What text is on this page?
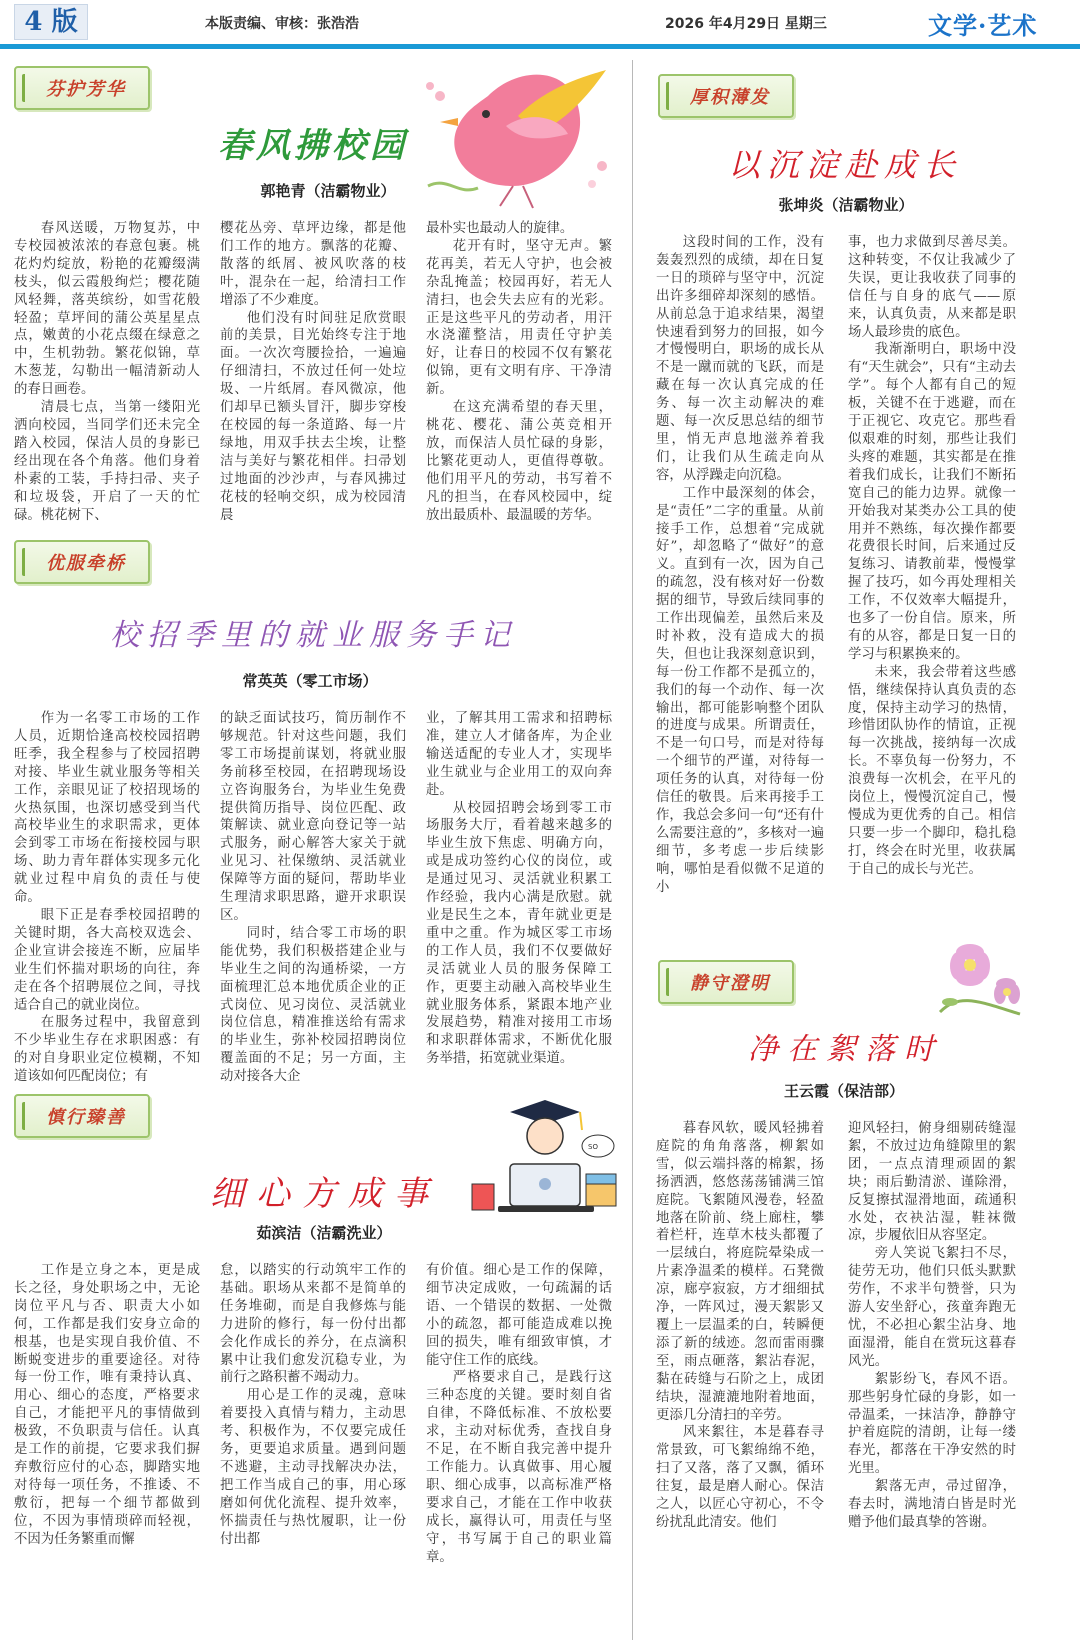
4 版	本版责编、审核：张浩浩	2026 年4月29日 星期三	文学·艺术
芬护芳华
春风拂校园
郭艳青（洁霸物业）

春风送暖，万物复苏，中专校园被浓浓的春意包裹。桃花灼灼绽放，粉艳的花瓣缀满枝头，似云霞般绚烂；樱花随风轻舞，落英缤纷，如雪花般轻盈；草坪间的蒲公英星星点点，嫩黄的小花点缀在绿意之中，生机勃勃。繁花似锦，草木葱茏，勾勒出一幅清新动人的春日画卷。

清晨七点，当第一缕阳光洒向校园，当同学们还未完全踏入校园，保洁人员的身影已经出现在各个角落。他们身着朴素的工装，手持扫帚、夹子和垃圾袋，开启了一天的忙碌。桃花树下、

樱花丛旁、草坪边缘，都是他们工作的地方。飘落的花瓣、散落的纸屑、被风吹落的枝叶，混杂在一起，给清扫工作增添了不少难度。

他们没有时间驻足欣赏眼前的美景，目光始终专注于地面。一次次弯腰捡拾，一遍遍仔细清扫，不放过任何一处垃圾、一片纸屑。春风微凉，他们却早已额头冒汗，脚步穿梭在校园的每一条道路、每一片绿地，用双手扶去尘埃，让整洁与美好与繁花相伴。扫帚划过地面的沙沙声，与春风拂过花枝的轻响交织，成为校园清晨

最朴实也最动人的旋律。

花开有时，坚守无声。繁花再美，若无人守护，也会被杂乱掩盖；校园再好，若无人清扫，也会失去应有的光彩。正是这些平凡的劳动者，用汗水浇灌整洁，用责任守护美好，让春日的校园不仅有繁花似锦，更有文明有序、干净清新。

在这充满希望的春天里，桃花、樱花、蒲公英竞相开放，而保洁人员忙碌的身影，比繁花更动人，更值得尊敬。他们用平凡的劳动，书写着不凡的担当，在春风校园中，绽放出最质朴、最温暖的芳华。

优服牵桥
校招季里的就业服务手记
常英英（零工市场）

作为一名零工市场的工作人员，近期恰逢高校校园招聘旺季，我全程参与了校园招聘对接、毕业生就业服务等相关工作，亲眼见证了校招现场的火热氛围，也深切感受到当代高校毕业生的求职需求，更体会到零工市场在衔接校园与职场、助力青年群体实现多元化就业过程中肩负的责任与使命。

眼下正是春季校园招聘的关键时期，各大高校双选会、企业宣讲会接连不断，应届毕业生们怀揣对职场的向往，奔走在各个招聘展位之间，寻找适合自己的就业岗位。

在服务过程中，我留意到不少毕业生存在求职困惑：有的对自身职业定位模糊，不知道该如何匹配岗位；有

的缺乏面试技巧，简历制作不够规范。针对这些问题，我们零工市场提前谋划，将就业服务前移至校园，在招聘现场设立咨询服务台，为毕业生免费提供简历指导、岗位匹配、政策解读、就业意向登记等一站式服务，耐心解答大家关于就业见习、社保缴纳、灵活就业保障等方面的疑问，帮助毕业生理清求职思路，避开求职误区。

同时，结合零工市场的职能优势，我们积极搭建企业与毕业生之间的沟通桥梁，一方面梳理汇总本地优质企业的正式岗位、见习岗位、灵活就业岗位信息，精准推送给有需求的毕业生，弥补校园招聘岗位覆盖面的不足；另一方面，主动对接各大企

业，了解其用工需求和招聘标准，建立人才储备库，为企业输送适配的专业人才，实现毕业生就业与企业用工的双向奔赴。

从校园招聘会场到零工市场服务大厅，看着越来越多的毕业生放下焦虑、明确方向，或是成功签约心仪的岗位，或是通过见习、灵活就业积累工作经验，我内心满是欣慰。就业是民生之本，青年就业更是重中之重。作为城区零工市场的工作人员，我们不仅要做好灵活就业人员的服务保障工作，更要主动融入高校毕业生就业服务体系，紧跟本地产业发展趋势，精准对接用工市场和求职群体需求，不断优化服务举措，拓宽就业渠道。

慎行臻善
SO
细心方成事
茹滨洁（洁霸洗业）

工作是立身之本，更是成长之径，身处职场之中，无论岗位平凡与否、职责大小如何，工作都是我们安身立命的根基，也是实现自我价值、不断蜕变进步的重要途径。对待每一份工作，唯有秉持认真、用心、细心的态度，严格要求自己，才能把平凡的事情做到极致，不负职责与信任。认真是工作的前提，它要求我们摒弃敷衍应付的心态，脚踏实地对待每一项任务，不推诿、不敷衍，把每一个细节都做到位，不因为事情琐碎而轻视，不因为任务繁重而懈

怠，以踏实的行动筑牢工作的基础。职场从来都不是简单的任务堆砌，而是自我修炼与能力进阶的修行，每一份付出都会化作成长的养分，在点滴积累中让我们愈发沉稳专业，为前行之路积蓄不竭动力。

用心是工作的灵魂，意味着要投入真情与精力，主动思考、积极作为，不仅要完成任务，更要追求质量。遇到问题不逃避，主动寻找解决办法，把工作当成自己的事，用心琢磨如何优化流程、提升效率，怀揣责任与热忱履职，让一份付出都

有价值。细心是工作的保障，细节决定成败，一句疏漏的话语、一个错误的数据、一处微小的疏忽，都可能造成难以挽回的损失，唯有细致审慎，才能守住工作的底线。

严格要求自己，是践行这三种态度的关键。要时刻自省自律，不降低标准、不放松要求，主动对标优秀，查找自身不足，在不断自我完善中提升工作能力。认真做事、用心履职、细心成事，以高标准严格要求自己，才能在工作中收获成长，赢得认可，用责任与坚守，书写属于自己的职业篇章。

厚积薄发
以沉淀赴成长
张坤炎（洁霸物业）

这段时间的工作，没有轰轰烈烈的成绩，却在日复一日的琐碎与坚守中，沉淀出许多细碎却深刻的感悟。从前总急于追求结果，渴望快速看到努力的回报，如今才慢慢明白，职场的成长从不是一蹴而就的飞跃，而是藏在每一次认真完成的任务、每一次主动解决的难题、每一次反思总结的细节里，悄无声息地滋养着我们，让我们从生疏走向从容，从浮躁走向沉稳。

工作中最深刻的体会，是“责任”二字的重量。从前接手工作，总想着“完成就好”，却忽略了“做好”的意义。直到有一次，因为自己的疏忽，没有核对好一份数据的细节，导致后续同事的工作出现偏差，虽然后来及时补救，没有造成大的损失，但也让我深刻意识到，每一份工作都不是孤立的，我们的每一个动作、每一次输出，都可能影响整个团队的进度与成果。所谓责任，不是一句口号，而是对待每一个细节的严谨，对待每一项任务的认真，对待每一份信任的敬畏。后来再接手工作，我总会多问一句“还有什么需要注意的”，多核对一遍细节，多考虑一步后续影响，哪怕是看似微不足道的小

事，也力求做到尽善尽美。这种转变，不仅让我减少了失误，更让我收获了同事的信任与自身的底气——原来，认真负责，从来都是职场人最珍贵的底色。

我渐渐明白，职场中没有“天生就会”，只有“主动去学”。每个人都有自己的短板，关键不在于逃避，而在于正视它、攻克它。那些看似艰难的时刻，那些让我们头疼的难题，其实都是在推着我们成长，让我们不断拓宽自己的能力边界。就像一开始我对某类办公工具的使用并不熟练，每次操作都要花费很长时间，后来通过反复练习、请教前辈，慢慢掌握了技巧，如今再处理相关工作，不仅效率大幅提升，也多了一份自信。原来，所有的从容，都是日复一日的学习与积累换来的。

未来，我会带着这些感悟，继续保持认真负责的态度，保持主动学习的热情，珍惜团队协作的情谊，正视每一次挑战，接纳每一次成长。不辜负每一份努力，不浪费每一次机会，在平凡的岗位上，慢慢沉淀自己，慢慢成为更优秀的自己。相信只要一步一个脚印，稳扎稳打，终会在时光里，收获属于自己的成长与光芒。

静守澄明
净在絮落时
王云霞（保洁部）

暮春风软，暖风轻拂着庭院的角角落落，柳絮如雪，似云端抖落的棉絮，扬扬洒洒，悠悠荡荡铺满三馆庭院。飞絮随风漫卷，轻盈地落在阶前、绕上廊柱，攀着栏杆，连草木枝头都覆了一层绒白，将庭院晕染成一片素净温柔的模样。石凳微凉，廊亭寂寂，方才细细拭净，一阵风过，漫天絮影又覆上一层温柔的白，转瞬便添了新的绒迹。忽而雷雨骤至，雨点砸落，絮沾春泥，黏在砖缝与石阶之上，成团结块，湿漉漉地附着地面，更添几分清扫的辛劳。

风来絮往，本是暮春寻常景致，可飞絮绵绵不绝，扫了又落，落了又飘，循环往复，最是磨人耐心。保洁之人，以匠心守初心，不令纷扰乱此清安。他们

迎风轻扫，俯身细剔砖缝湿絮，不放过边角缝隙里的絮团，一点点清理顽固的絮块；雨后勤清淤、谨除滑，反复擦拭湿滑地面，疏通积水处，衣袂沾湿，鞋袜微凉，步履依旧从容坚定。

旁人笑说飞絮扫不尽，徒劳无功，他们只低头默默劳作，不求半句赞誉，只为游人安坐舒心，孩童奔跑无忧，不必担心絮尘沾身、地面湿滑，能自在赏玩这暮春风光。

絮影纷飞，春风不语。那些躬身忙碌的身影，如一帚温柔，一抹洁净，静静守护着庭院的清朗，让每一缕春光，都落在干净安然的时光里。

絮落无声，帚过留净，春去时，满地清白皆是时光赠予他们最真挚的答谢。
